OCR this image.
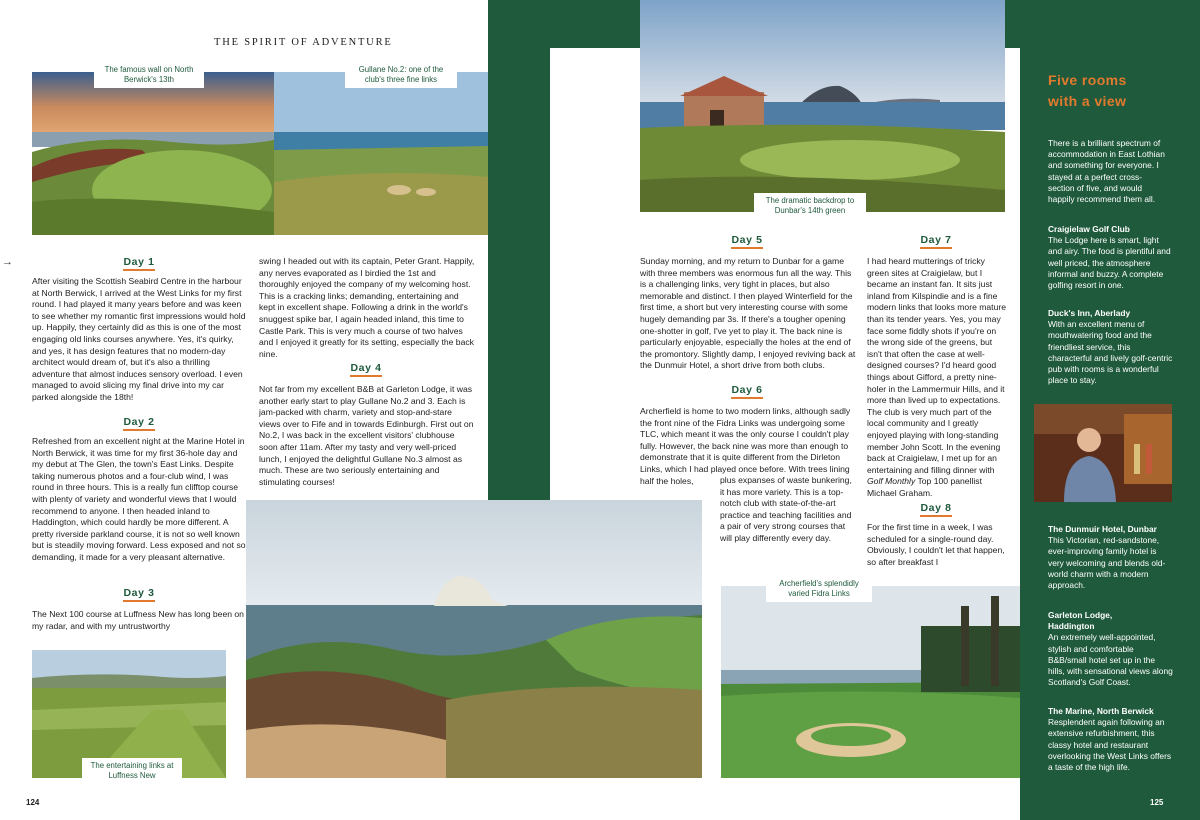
THE SPIRIT OF ADVENTURE
The famous wall on North Berwick's 13th
Gullane No.2: one of the club's three fine links
→	Day 1
After visiting the Scottish Seabird Centre in the harbour at North Berwick, I arrived at the West Links for my first round. I had played it many years before and was keen to see whether my romantic first impressions would hold up. Happily, they certainly did as this is one of the most engaging old links courses anywhere. Yes, it's quirky, and yes, it has design features that no modern-day architect would dream of, but it's also a thrilling adventure that almost induces sensory overload. I even managed to avoid slicing my final drive into my car parked alongside the 18th!
Day 2
Refreshed from an excellent night at the Marine Hotel in North Berwick, it was time for my first 36-hole day and my debut at The Glen, the town's East Links. Despite taking numerous photos and a four-club wind, I was round in three hours. This is a really fun clifftop course with plenty of variety and wonderful views that I would recommend to anyone. I then headed inland to Haddington, which could hardly be more different. A pretty riverside parkland course, it is not so well known but is steadily moving forward. Less exposed and not so demanding, it made for a very pleasant alternative.
Day 3
The Next 100 course at Luffness New has long been on my radar, and with my untrustworthy
The entertaining links at Luffness New
swing I headed out with its captain, Peter Grant. Happily, any nerves evaporated as I birdied the 1st and thoroughly enjoyed the company of my welcoming host. This is a cracking links; demanding, entertaining and kept in excellent shape. Following a drink in the world's snuggest spike bar, I again headed inland, this time to Castle Park. This is very much a course of two halves and I enjoyed it greatly for its setting, especially the back nine.
Day 4
Not far from my excellent B&B at Garleton Lodge, it was another early start to play Gullane No.2 and 3. Each is jam-packed with charm, variety and stop-and-stare views over to Fife and in towards Edinburgh. First out on No.2, I was back in the excellent visitors' clubhouse soon after 11am. After my tasty and very well-priced lunch, I enjoyed the delightful Gullane No.3 almost as much. These are two seriously entertaining and stimulating courses!
The dramatic backdrop to Dunbar's 14th green
Day 5
Sunday morning, and my return to Dunbar for a game with three members was enormous fun all the way. This is a challenging links, very tight in places, but also memorable and distinct. I then played Winterfield for the first time, a short but very interesting course with some hugely demanding par 3s. If there's a tougher opening one-shotter in golf, I've yet to play it. The back nine is particularly enjoyable, especially the holes at the end of the promontory. Slightly damp, I enjoyed reviving back at the Dunmuir Hotel, a short drive from both clubs.
Day 6
Archerfield is home to two modern links, although sadly the front nine of the Fidra Links was undergoing some TLC, which meant it was the only course I couldn't play fully. However, the back nine was more than enough to demonstrate that it is quite different from the Dirleton Links, which I had played once before. With trees lining half the holes,	plus expanses of waste bunkering, it has more variety. This is a top-notch club with state-of-the-art practice and teaching facilities and a pair of very strong courses that will play differently every day.
Day 7
I had heard mutterings of tricky green sites at Craigielaw, but I became an instant fan. It sits just inland from Kilspindie and is a fine modern links that looks more mature than its tender years. Yes, you may face some fiddly shots if you're on the wrong side of the greens, but isn't that often the case at well-designed courses? I'd heard good things about Gifford, a pretty nine-holer in the Lammermuir Hills, and it more than lived up to expectations. The club is very much part of the local community and I greatly enjoyed playing with long-standing member John Scott. In the evening back at Craigielaw, I met up for an entertaining and filling dinner with Golf Monthly Top 100 panellist Michael Graham.
Day 8
For the first time in a week, I was scheduled for a single-round day. Obviously, I couldn't let that happen, so after breakfast I
Archerfield's splendidly varied Fidra Links
Five rooms
with a view
There is a brilliant spectrum of accommodation in East Lothian and something for everyone. I stayed at a perfect cross-section of five, and would happily recommend them all.
Craigielaw Golf Club
The Lodge here is smart, light and airy. The food is plentiful and well priced, the atmosphere informal and buzzy. A complete golfing resort in one.
Duck's Inn, Aberlady
With an excellent menu of mouthwatering food and the friendliest service, this characterful and lively golf-centric pub with rooms is a wonderful place to stay.
The Dunmuir Hotel, Dunbar
This Victorian, red-sandstone, ever-improving family hotel is very welcoming and blends old-world charm with a modern approach.
Garleton Lodge, Haddington
An extremely well-appointed, stylish and comfortable B&B/small hotel set up in the hills, with sensational views along Scotland's Golf Coast.
The Marine, North Berwick
Resplendent again following an extensive refurbishment, this classy hotel and restaurant overlooking the West Links offers a taste of the high life.
124	125
